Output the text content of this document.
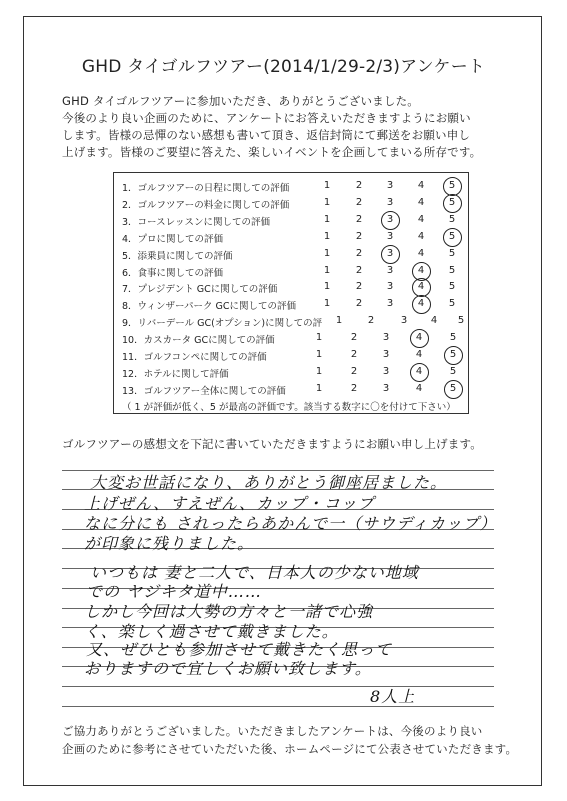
GHD タイゴルフツアー(2014/1/29-2/3)アンケート
GHD タイゴルフツアーに参加いただき、ありがとうございました。
今後のより良い企画のために、アンケートにお答えいただきますようにお願い
します。皆様の忌憚のない感想も書いて頂き、返信封筒にて郵送をお願い申し
上げます。皆様のご要望に答えた、楽しいイベントを企画してまいる所存です。
（ 1 が評価が低く、5 が最高の評価です。該当する数字に〇を付けて下さい）
1．ゴルフツアーの日程に関しての評価	1	2	3	4	5
2．ゴルフツアーの料金に関しての評価	1	2	3	4	5
3．コースレッスンに関しての評価	1	2	3	4	5
4．プロに関しての評価	1	2	3	4	5
5．添乗員に関しての評価	1	2	3	4	5
6．食事に関しての評価	1	2	3	4	5
7．プレジデント GCに関しての評価	1	2	3	4	5
8．ウィンザーパーク GCに関しての評価	1	2	3	4	5
9．リバーデール GC(オプション)に関しての評	1	2	3	4	5
10．カスカータ GCに関しての評価	1	2	3	4	5
11．ゴルフコンペに関しての評価	1	2	3	4	5
12．ホテルに関して評価	1	2	3	4	5
13．ゴルフツアー全体に関しての評価	1	2	3	4	5
ゴルフツアーの感想文を下記に書いていただきますようにお願い申し上げます。
大変お世話になり、ありがとう御座居ました。
上げぜん、すえぜん、カップ・コップ
なに分にも されったらあかんで一（サウディカップ）
が印象に残りました。
いつもは 妻と二人で、日本人の少ない地域
での ヤジキタ道中……
しかし今回は大勢の方々と一諸で心強
く、楽しく過させて戴きました。
又、ぜひとも参加させて戴きたく思って
おりますので宜しくお願い致します。
8人上
ご協力ありがとうございました。いただきましたアンケートは、今後のより良い
企画のために参考にさせていただいた後、ホームページにて公表させていただきます。
